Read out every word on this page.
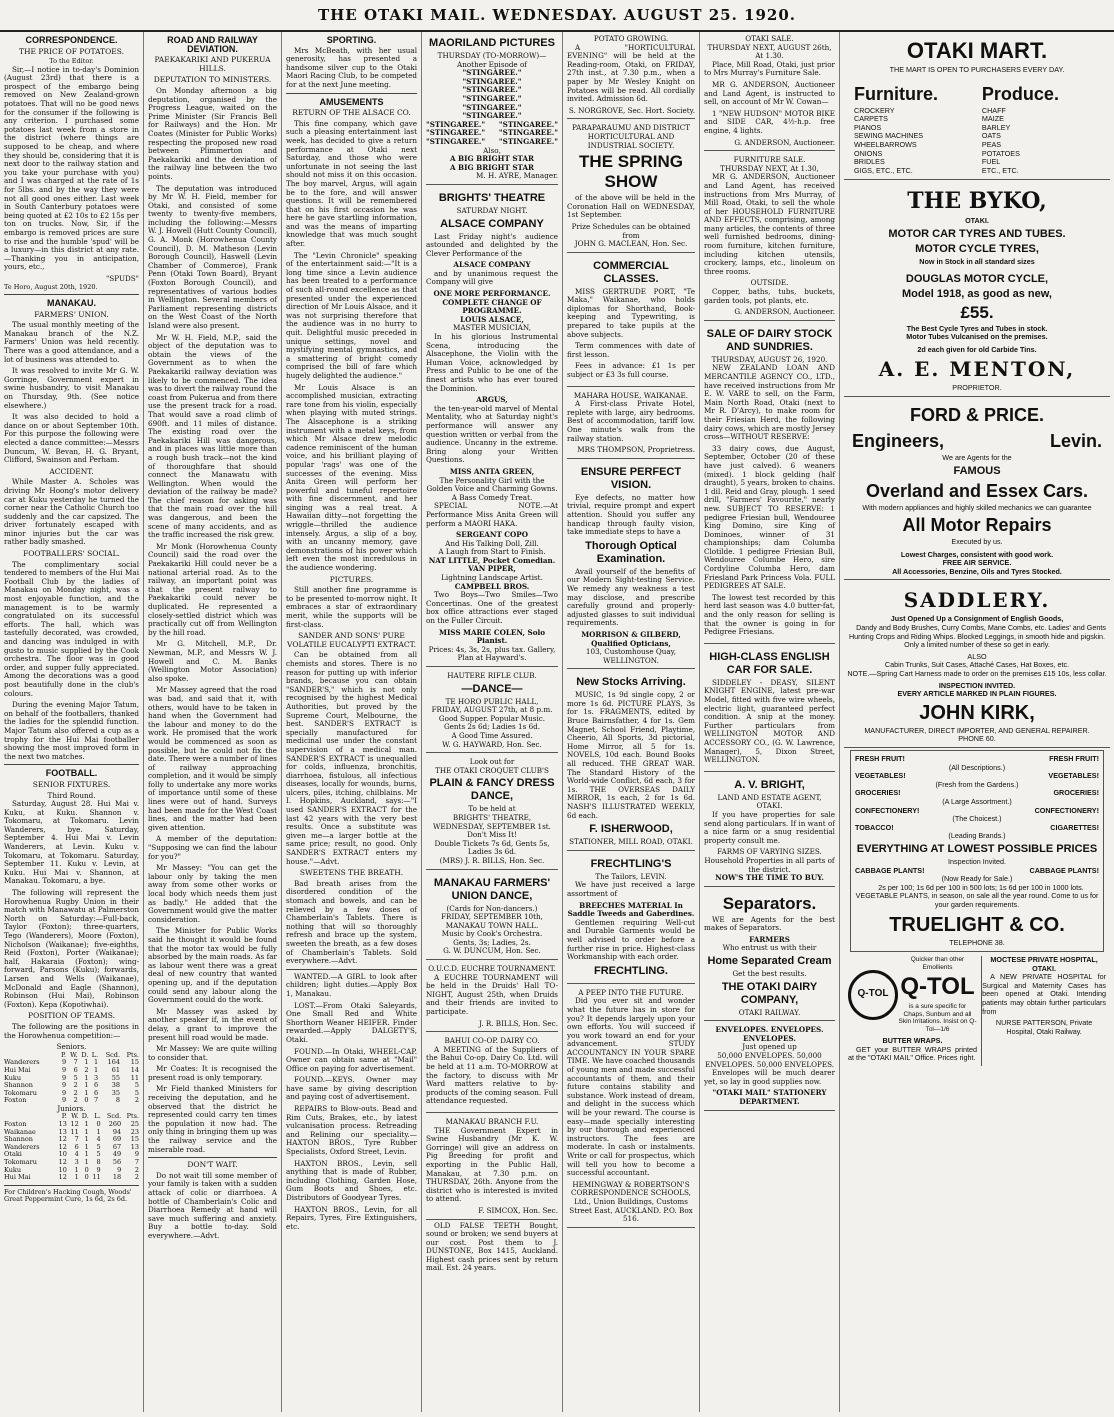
THE OTAKI MAIL. WEDNESDAY. AUGUST 25. 1920.
CORRESPONDENCE.
THE PRICE OF POTATOES.
To the Editor.

Sir,—I notice in to-day's Dominion (August 23rd) that there is a prospect of the embargo being removed on New Zealand-grown potatoes. That will no be good news for the consumer if the following is any criterion. I purchased some potatoes last week from a store in the district (where things are supposed to be cheap, and where they should be, considering that it is next door to the railway station and you take your purchase with you) and I was charged at the rate of 1s for 5lbs. and by the way they were not all good ones either. Last week in South Canterbury potatoes were being quoted at £2 10s to £2 15s per ton on trucks. Now, Sir, if the embargo is removed prices are sure to rise and the humble 'spud' will be a luxury—in this district at any rate.—Thanking you in anticipation, yours, etc.,

"SPUDS"
Te Horo, August 20th, 1920.
MANAKAU.
FARMERS' UNION.

The usual monthly meeting of the Manakau branch of the N.Z. Farmers' Union was held recently. There was a good attendance, and a lot of business was attended to.

It was resolved to invite Mr G. W. Gorringe, Government expert in swine husbandry, to visit Manakau on Thursday, 9th. (See notice elsewhere.)

It was also decided to hold a dance on or about September 10th. For this purpose the following were elected a dance committee:—Messrs Duncum, W. Bevan, H. G. Bryant, Clifford, Swainson and Perham.

ACCIDENT.

While Master A. Scholes was driving Mr Hoong's motor delivery car at Kuku yesterday he turned the corner near the Catholic Church too suddenly and the car capsized. The driver fortunately escaped with minor injuries but the car was rather badly smashed.

FOOTBALLERS' SOCIAL.

The complimentary social tendered to members of the Hui Mai Football Club by the ladies of Manakau on Monday night, was a most enjoyable function, and the management is to be warmly congratulated on its successful efforts. The hall, which was tastefully decorated, was crowded, and dancing was indulged in with gusto to music supplied by the Cook orchestra. The floor was in good order, and supper fully appreciated. Among the decorations was a good post beautifully done in the club's colours.

During the evening Major Tatum, on behalf of the footballers, thanked the ladies for the splendid function. Major Tatum also offered a cup as a trophy for the Hui Mai footballer showing the most improved form in the next two matches.

FOOTBALL.
SENIOR FIXTURES.
Third Round.

Saturday, August 28. Hui Mai v. Kuku, at Kuku. Shannon v. Tokomaru, at Tokomaru. Levin Wanderers, bye. Saturday, September 4. Hui Mai v. Levin Wanderers, at Levin. Kuku v. Tokomaru, at Tokomaru. Saturday, September 11. Kuku v. Levin, at Kuku. Hui Mai v. Shannon, at Manakau. Tokomaru, a bye.

The following will represent the Horowhenua Rugby Union in their match with Manawatu at Palmerston North on Saturday:—Full-back, Taylor (Foxton); three-quarters, Tego (Wanderers), Moore (Foxton), Nicholson (Waikanae); five-eighths, Reid (Foxton), Porter (Waikanae); half, Hakaraia (Foxton); wing-forward, Parsons (Kuku); forwards, Larsen and Wells (Waikanae), McDonald and Eagle (Shannon), Robinson (Hui Mai), Robinson (Foxton). Kepa (Kopotiwhai).

POSITION OF TEAMS.

The following are the positions in the Horowhenua competition:—

Seniors.
	P.	W.	D.	L.	Scd.	Pts.
Wanderers	9	7	1	1	164	15
Hui Mai	9	6	2	1	61	14
Kuku	9	5	1	3	55	11
Shannon	9	2	1	6	38	5
Tokomaru	9	2	1	6	35	5
Foxton	9	2	0	7	8	2
Juniors.
	P.	W.	D.	L.	Scd.	Pts.
Foxton	13	12	1	0	260	25
Waikanae	13	11	1	1	94	23
Shannon	12	7	1	4	69	15
Wanderers	12	6	1	5	67	13
Otaki	10	4	1	5	49	9
Tokomaru	12	3	1	8	56	7
Kuku	10	1	0	9	9	2
Hui Mai	12	1	0	11	18	2
For Children's Hacking Cough, Woods' Great Peppermint Cure, 1s 6d, 2s 6d.
ROAD AND RAILWAY DEVIATION.
PAEKAKARIKI AND PUKERUA HILLS.
DEPUTATION TO MINISTERS.

On Monday afternoon a big deputation, organised by the Progress League, waited on the Prime Minister (Sir Francis Bell for Railways) and the Hon. Mr Coates (Minister for Public Works) respecting the proposed new road between Plimmerton and Paekakariki and the deviation of the railway line between the two points.

The deputation was introduced by Mr W. H. Field, member for Otaki, and consisted of some twenty to twenty-five members, including the following:—Messrs W. J. Howell (Hutt County Council), G. A. Monk (Horowhenua County Council), D. M. Matheson (Levin Borough Council), Haswell (Levin Chamber of Commerce), Frank Penn (Otaki Town Board), Bryant (Foxton Borough Council), and representatives of various bodies in Wellington. Several members of Parliament representing districts on the West Coast of the North Island were also present.

Mr W. H. Field, M.P., said the object of the deputation was to obtain the views of the Government as to when the Paekakariki railway deviation was likely to be commenced. The idea was to divert the railway round the coast from Pukerua and from there use the present track for a road. That would save a road climb of 690ft. and 11 miles of distance. The existing road over the Paekakariki Hill was dangerous, and in places was little more than a rough bush track—not the kind of thoroughfare that should connect the Manawatu with Wellington. When would the deviation of the railway be made? The chief reason for asking was that the main road over the hill was dangerous, and been the scene of many accidents, and as the traffic increased the risk grew.

Mr Monk (Horowhenua County Council) said the road over the Paekakariki Hill could never be a national arterial road. As to the railway, an important point was that the present railway to Paekakariki could never be duplicated. He represented a closely-settled district which was practically cut off from Wellington by the hill road.

Mr G. Mitchell, M.P., Dr. Newman, M.P., and Messrs W. J. Howell and C. M. Banks (Wellington Motor Association) also spoke.

Mr Massey agreed that the road was bad, and said that it, with others, would have to be taken in hand when the Government had the labour and money to do the work. He promised that the work would be commenced as soon as possible, but he could not fix the date. There were a number of lines of railway approaching completion, and it would be simply folly to undertake any more works of importance until some of these lines were out of hand. Surveys had been made for the West Coast lines, and the matter had been given attention.

A member of the deputation: "Supposing we can find the labour for you?"

Mr Massey: "You can get the labour only by taking the men away from some other works or local body which needs them just as badly." He added that the Government would give the matter consideration.

The Minister for Public Works said he thought it would be found that the motor tax would be fully absorbed by the main roads. As far as labour went there was a great deal of new country that wanted opening up, and if the deputation could send any labour along the Government could do the work.

Mr Massey was asked by another speaker if, in the event of delay, a grant to improve the present hill road would be made.

Mr Massey: We are quite willing to consider that.

Mr Coates: It is recognised the present road is only temporary.

Mr Field thanked Ministers for receiving the deputation, and he observed that the district he represented could carry ten times the population it now had. The only thing in bringing them up was the railway service and the miserable road.

DON'T WAIT.

Do not wait till some member of your family is taken with a sudden attack of colic or diarrhoea. A bottle of Chamberlain's Colic and Diarrhoea Remedy at hand will save much suffering and anxiety. Buy a bottle to-day. Sold everywhere.—Advt.

SPORTING.

Mrs McBeath, with her usual generosity, has presented a handsome silver cup to the Otaki Maori Racing Club, to be competed for at the next June meeting.

AMUSEMENTS
RETURN OF THE ALSACE CO.

This fine company, which gave such a pleasing entertainment last week, has decided to give a return performance at Otaki next Saturday, and those who were unfortunate in not seeing the last should not miss it on this occasion. The boy marvel, Argus, will again be to the fore, and will answer questions. It will be remembered that on his first occasion he was here he gave startling information, and was the means of imparting knowledge that was much sought after.

The "Levin Chronicle" speaking of the entertainment said:—"It is a long time since a Levin audience has been treated to a performance of such all-round excellence as that presented under the experienced direction of Mr Louis Alsace, and it was not surprising therefore that the audience was in no hurry to quit. Delightful music preceded in unique settings, novel and mystifying mental gymnastics, and a smattering of bright comedy comprised the bill of fare which hugely delighted the audience."

Mr Louis Alsace is an accomplished musician, extracting rare tone from his violin, especially when playing with muted strings. The Alsacephone is a striking instrument with a metal keys, from which Mr Alsace drew melodic cadence reminiscent of the human voice, and his brilliant playing of popular 'rags' was one of the successes of the evening. Miss Anita Green will perform her powerful and tuneful repertoire with fine discernment, and her singing was a real treat. A Hawaiian ditty—not forgetting the wriggle—thrilled the audience intensely. Argus, a slip of a boy, with an uncanny memory, gave demonstrations of his power which left even the most incredulous in the audience wondering.

PICTURES.

Still another fine programme is to be presented to-morrow night. It embraces a star of extraordinary merit, while the supports will be first-class.

SANDER AND SONS' PURE VOLATILE EUCALYPTI EXTRACT.

Can be obtained from all chemists and stores. There is no reason for putting up with inferior brands, because you can obtain "SANDER'S," which is not only recognised by the highest Medical Authorities, but proved by the Supreme Court, Melbourne, the best. SANDER'S EXTRACT is specially manufactured for medicinal use under the constant supervision of a medical man. SANDER'S EXTRACT is unequalled for colds, influenza, bronchitis, diarrhoea, fistulous, all infectious diseases, locally for wounds, burns, ulcers, piles, itching, chilblains. Mr I. Hopkins, Auckland, says:—"I used SANDER'S EXTRACT for the last 42 years with the very best results. Once a substitute was given me—a larger bottle at the same price; result, no good. Only SANDER'S EXTRACT enters my house."—Advt.

SWEETENS THE BREATH.

Bad breath arises from the disordered condition of the stomach and bowels, and can be relieved by a few doses of Chamberlain's Tablets. There is nothing that will so thoroughly refresh and brace up the system, sweeten the breath, as a few doses of Chamberlain's Tablets. Sold everywhere.—Advt.

WANTED.—A GIRL to look after children; light duties.—Apply Box 1, Manakau.

LOST.—From Otaki Saleyards, One Small Red and White Shorthorn Weaner HEIFER. Finder rewarded.—Apply DALGETY'S, Otaki.

FOUND.—In Otaki, WHEEL-CAP. Owner can obtain same at "Mail" Office on paying for advertisement.

FOUND.—KEYS. Owner may have same by giving description and paying cost of advertisement.

REPAIRS to Blow-outs. Bead and Rim Cuts, Brakes, etc., by latest vulcanisation process. Retreading and Relining our speciality.—HAXTON BROS., Tyre Rubber Specialists, Oxford Street, Levin.

HAXTON BROS., Levin, sell anything that is made of Rubber, including Clothing, Garden Hose, Gum Boots and Shoes, etc. Distributors of Goodyear Tyres.

HAXTON BROS., Levin, for all Repairs, Tyres, Fire Extinguishers, etc.

MAORILAND PICTURES
THURSDAY (TO-MORROW)—
Another Episode of
"STINGAREE."
"STINGAREE."
"STINGAREE."
"STINGAREE."
"STINGAREE."
"STINGAREE."
"STINGAREE." "STINGAREE."
"STINGAREE." "STINGAREE."
"STINGAREE." "STINGAREE."
Also,
A BIG BRIGHT STAR
A BIG BRIGHT STAR
M. H. AYRE, Manager.
BRIGHTS' THEATRE
SATURDAY NIGHT.
ALSACE COMPANY

Last Friday night's audience astounded and delighted by the Clever Performance of the

ALSACE COMPANY

and by unanimous request the Company will give

ONE MORE PERFORMANCE.
COMPLETE CHANGE OF PROGRAMME.
LOUIS ALSACE,
MASTER MUSICIAN,

In his glorious Instrumental Scena, introducing the Alsacephone, the Violin with the Human Voice, acknowledged by Press and Public to be one of the finest artists who has ever toured the Dominion.

ARGUS,

the ten-year-old marvel of Mental Mentality, who at Saturday night's performance will answer any question written or verbal from the audience. Uncanny in the extreme. Bring along your Written Questions.

MISS ANITA GREEN,
The Personality Girl with the Golden Voice and Charming Gowns.
A Bass Comedy Treat.

SPECIAL NOTE.—At Performance Miss Anita Green will perform a MAORI HAKA.

SERGEANT COPO
And His Talking Doll, Zill.
A Laugh from Start to Finish.
NAT LITTLE, Pocket Comedian.
VAN PIPER,
Lightning Landscape Artist.
CAMPBELL BROS.

Two Boys—Two Smiles—Two Concertinas. One of the greatest box office attractions ever staged on the Fuller Circuit.

MISS MARIE COLEN, Solo Pianist.
Prices: 4s, 3s, 2s, plus tax. Gallery, Plan at Hayward's.
HAUTERE RIFLE CLUB.
—DANCE—
TE HORO PUBLIC HALL,
FRIDAY, AUGUST 27th, at 8 p.m.
Good Supper. Popular Music.
Gents 2s 6d; Ladies 1s 6d.
A Good Time Assured.
W. G. HAYWARD, Hon. Sec.
Look out for
THE OTAKI CROQUET CLUB'S
PLAIN & FANCY DRESS DANCE,
To be held at
BRIGHTS' THEATRE, WEDNESDAY, SEPTEMBER 1st.
Don't Miss It!
Double Tickets 7s 6d, Gents 5s, Ladies 3s 6d.
(MRS) J. R. BILLS, Hon. Sec.
MANAKAU FARMERS' UNION DANCE,
(Cards for Non-dancers.)
FRIDAY, SEPTEMBER 10th,
MANAKAU TOWN HALL.
Music by Cook's Orchestra.
Gents, 3s; Ladies, 2s.
G. W. DUNCUM, Hon. Sec.
O.U.C.D. EUCHRE TOURNAMENT.

A EUCHRE TOURNAMENT will be held in the Druids' Hall TO-NIGHT, August 25th, when Druids and their friends are invited to participate.

J. R. BILLS, Hon. Sec.
BAHUI CO-OP. DAIRY CO.

A MEETING of the Suppliers of the Bahui Co-op. Dairy Co. Ltd. will be held at 11 a.m. TO-MORROW at the factory, to discuss with Mr Ward matters relative to by-products of the coming season. Full attendance requested.

MANAKAU BRANCH F.U.

THE Government Expert in Swine Husbandry (Mr K. W. Gorringe) will give an address on Pig Breeding for profit and exporting in the Public Hall, Manakau, at 7.30 p.m. on THURSDAY, 26th. Anyone from the district who is interested is invited to attend.

F. SIMCOX, Hon. Sec.

OLD FALSE TEETH Bought, sound or broken; we send buyers at our cost. Post them to J. DUNSTONE, Box 1415, Auckland. Highest cash prices sent by return mail. Est. 24 years.

POTATO GROWING.

A "HORTICULTURAL EVENING" will be held at the Reading-room, Otaki, on FRIDAY, 27th inst., at 7.30 p.m., when a paper by Mr Wesley Knight on Potatoes will be read. All cordially invited. Admission 6d.

S. NORGROVE, Sec. Hort. Society.
PARAPARAUMU AND DISTRICT HORTICULTURAL AND INDUSTRIAL SOCIETY.
THE SPRING SHOW

of the above will be held in the Coronation Hall on WEDNESDAY, 1st September.

Prize Schedules can be obtained from
JOHN G. MACLEAN, Hon. Sec.
COMMERCIAL CLASSES.

MISS GERTRUDE PORT, "Te Maka," Waikanae, who holds diplomas for Shorthand, Book-keeping and Typewriting, is prepared to take pupils at the above subjects.

Term commences with date of first lesson.

Fees in advance: £1 1s per subject or £3 3s full course.

MAHARA HOUSE, WAIKANAE.

A First-class Private Hotel, replete with large, airy bedrooms. Best of accommodation, tariff low. One minute's walk from the railway station.

MRS THOMPSON, Proprietress.
ENSURE PERFECT VISION.

Eye defects, no matter how trivial, require prompt and expert attention. Should you suffer any handicap through faulty vision, take immediate steps to have a

Thorough Optical Examination.

Avail yourself of the benefits of our Modern Sight-testing Service. We remedy any weakness a test may disclose, and prescribe carefully ground and properly-adjusted glasses to suit individual requirements.

MORRISON & GILBERD, Qualified Opticians,
103, Customhouse Quay, WELLINGTON.
New Stocks Arriving.

MUSIC, 1s 9d single copy, 2 or more 1s 6d. PICTURE PLAYS, 3s for 1s. FRAGMENTS, edited by Bruce Bairnsfather, 4 for 1s. Gem Magnet, School Friend, Playtime, Cheerio, All Sports, 3d pictorial, Home Mirror, all 5 for 1s. NOVELS, 10d each. Bound Books all reduced. THE GREAT WAR. The Standard History of the World-wide Conflict, 6d each, 3 for 1s. THE OVERSEAS DAILY MIRROR, 1s each, 2 for 1s 6d. NASH'S ILLUSTRATED WEEKLY, 6d each.

F. ISHERWOOD,
STATIONER, MILL ROAD, OTAKI.
FRECHTLING'S
The Tailors, LEVIN.

We have just received a large assortment of

BREECHES MATERIAL In Saddle Tweeds and Gaberdines.

Gentlemen requiring Well-cut and Durable Garments would be well advised to order before a further rise in price. Highest-class Workmanship with each order.

FRECHTLING.
A PEEP INTO THE FUTURE.

Did you ever sit and wonder what the future has in store for you? It depends largely upon your own efforts. You will succeed if you work toward an end for your advancement. STUDY ACCOUNTANCY IN YOUR SPARE TIME. We have coached thousands of young men and made successful accountants of them, and their future contains stability and substance. Work instead of dream, and delight in the success which will be your reward. The course is easy—made specially interesting by our thorough and experienced instructors. The fees are moderate. In cash or instalments. Write or call for prospectus, which will tell you how to become a successful accountant.

HEMINGWAY & ROBERTSON'S CORRESPONDENCE SCHOOLS, Ltd., Union Buildings, Customs Street East, AUCKLAND. P.O. Box 516.
OTAKI SALE.
THURSDAY NEXT, AUGUST 26th, At 1.30.

Place, Mill Road, Otaki, just prior to Mrs Murray's Furniture Sale.

MR G. ANDERSON, Auctioneer and Land Agent, is instructed to sell, on account of Mr W. Cowan—

1 "NEW HUDSON" MOTOR BIKE and SIDE CAR, 4½-h.p. free engine, 4 lights.

G. ANDERSON, Auctioneer.
FURNITURE SALE.
THURSDAY NEXT, At 1.30,

MR G. ANDERSON, Auctioneer and Land Agent, has received instructions from Mrs Murray, of Mill Road, Otaki, to sell the whole of her HOUSEHOLD FURNITURE AND EFFECTS, comprising, among many articles, the contents of three well furnished bedrooms, dining-room furniture, kitchen furniture, including kitchen utensils, crockery, lamps, etc., linoleum on three rooms.

OUTSIDE.

Copper, baths, tubs, buckets, garden tools, pot plants, etc.

G. ANDERSON, Auctioneer.
SALE OF DAIRY STOCK AND SUNDRIES.
THURSDAY, AUGUST 26, 1920.

NEW ZEALAND LOAN AND MERCANTILE AGENCY CO., LTD., have received instructions from Mr E. W. VARE to sell, on the Farm, Main North Road, Otaki (next to Mr R. D'Arcy), to make room for their Friesian Herd, the following dairy cows, which are mostly Jersey cross—WITHOUT RESERVE:

33 dairy cows, due August, September, October (20 of these have just calved). 6 weaners (mixed). 1 block gelding (half draught), 5 years, broken to chains. 1 dil. Reid and Gray, plough. 1 seed drill, "Farmers' Favourite," nearly new. SUBJECT TO RESERVE: 1 pedigree Friesian bull, Wendouree King Domino, sire King of Dominoes, winner of 31 championships; dam Columba Clotilde. 1 pedigree Friesian Bull, Wendouree Columbe Hero, sire Cordyline Columba Hero, dam Friesland Park Princess Vola. FULL PEDIGREES AT SALE.

The lowest test recorded by this herd last season was 4.0 butter-fat, and the only reason for selling is that the owner is going in for Pedigree Friesians.

HIGH-CLASS ENGLISH CAR FOR SALE.

SIDDELEY - DEASY, SILENT KNIGHT ENGINE, latest pre-war Model, fitted with five wire wheels, electric light, guaranteed perfect condition. A snip at the money. Further particulars from WELLINGTON MOTOR AND ACCESSORY CO., (G. W. Lawrence, Manager), 5, Dixon Street, WELLINGTON.

A. V. BRIGHT,
LAND AND ESTATE AGENT, OTAKI.

If you have properties for sale send along particulars. If in want of a nice farm or a snug residential property consult me.

FARMS OF VARYING SIZES.
Household Properties in all parts of the district.
NOW'S THE TIME TO BUY.
Separators.

WE are Agents for the best makes of Separators.

FARMERS
Who entrust us with their
Home Separated Cream
Get the best results.
THE OTAKI DAIRY COMPANY,
OTAKI RAILWAY.
ENVELOPES. ENVELOPES. ENVELOPES.
Just opened up
50,000 ENVELOPES. 50,000 ENVELOPES. 50,000 ENVELOPES.

Envelopes will be much dearer yet, so lay in good supplies now.

"OTAKI MAIL" STATIONERY DEPARTMENT.
OTAKI MART.
THE MART IS OPEN TO PURCHASERS EVERY DAY.
Furniture.
CROCKERY
CARPETS
PIANOS
SEWING MACHINES
WHEELBARROWS
ONIONS
BRIDLES
GIGS, ETC., ETC.
Produce.
CHAFF
MAIZE
BARLEY
OATS
PEAS
POTATOES
FUEL
ETC., ETC.
THE BYKO,
OTAKI.
MOTOR CAR TYRES AND TUBES.
MOTOR CYCLE TYRES,
Now in Stock in all standard sizes
DOUGLAS MOTOR CYCLE,
Model 1918, as good as new,
£55.
The Best Cycle Tyres and Tubes in stock.
Motor Tubes Vulcanised on the premises.
2d each given for old Carbide Tins.
A. E. MENTON,
PROPRIETOR.
FORD & PRICE.
Engineers,	Levin.
We are Agents for the
FAMOUS
Overland and Essex Cars.
With modern appliances and highly skilled mechanics we can guarantee
All Motor Repairs
Executed by us.
Lowest Charges, consistent with good work.
FREE AIR SERVICE.
All Accessories, Benzine, Oils and Tyres Stocked.
SADDLERY.
Just Opened Up a Consignment of English Goods,

Dandy and Body Brushes, Curry Combs, Mane Combs, etc. Ladies' and Gents Hunting Crops and Riding Whips. Blocked Leggings, in smooth hide and pigskin. Only a limited number of these so get in early.

ALSO
Cabin Trunks, Suit Cases, Attaché Cases, Hat Boxes, etc.
NOTE.—Spring Cart Harness made to order on the premises £15 10s, less collar.
INSPECTION INVITED.
EVERY ARTICLE MARKED IN PLAIN FIGURES.
JOHN KIRK,
MANUFACTURER, DIRECT IMPORTER, AND GENERAL REPAIRER.
PHONE 60.
FRESH FRUIT!	FRESH FRUIT!
(All Descriptions.)
VEGETABLES!	VEGETABLES!
(Fresh from the Gardens.)
GROCERIES!	GROCERIES!
(A Large Assortment.)
CONFECTIONERY!	CONFECTIONERY!
(The Choicest.)
TOBACCO!	CIGARETTES!
(Leading Brands.)
EVERYTHING AT LOWEST POSSIBLE PRICES
Inspection Invited.
CABBAGE PLANTS!	CABBAGE PLANTS!
(Now Ready for Sale.)

2s per 100; 1s 6d per 100 in 500 lots; 1s 6d per 100 in 1000 lots. VEGETABLE PLANTS, in season, on sale all the year round. Come to us for your garden requirements.

TRUELIGHT & CO.
TELEPHONE 38.
Q-TOL
Quicker than other Emollients
Q-TOL
is a sure specific for Chaps, Sunburn and all Skin Irritations. Insist on Q-Tol—1/6
BUTTER WRAPS.

GET your BUTTER WRAPS printed at the "OTAKI MAIL" Office. Prices right.

MOCTESE PRIVATE HOSPITAL, OTAKI.

A NEW PRIVATE HOSPITAL for Surgical and Maternity Cases has been opened at Otaki. Intending patients may obtain further particulars from

NURSE PATTERSON, Private Hospital, Otaki Railway.
